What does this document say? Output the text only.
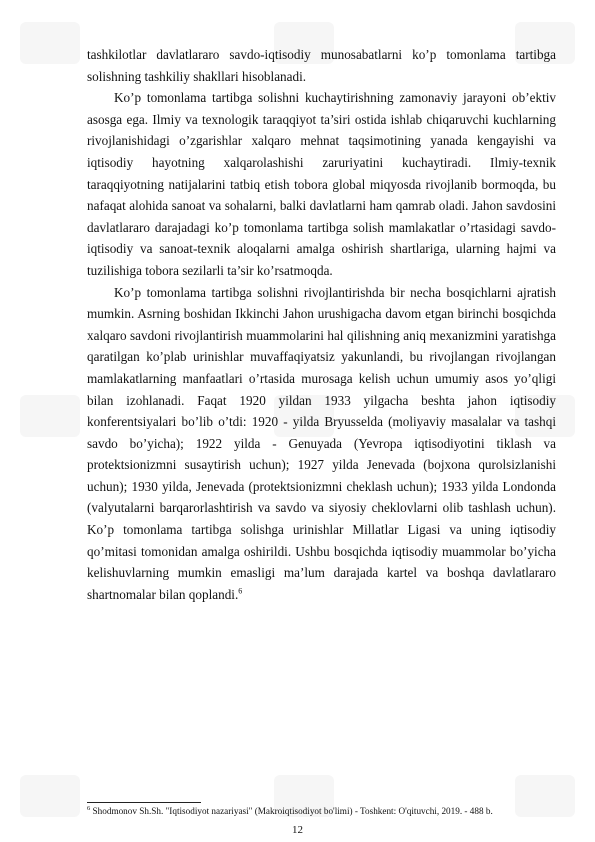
tashkilotlar davlatlararo savdo-iqtisodiy munosabatlarni ko’p tomonlama tartibga solishning tashkiliy shakllari hisoblanadi.

Ko’p tomonlama tartibga solishni kuchaytirishning zamonaviy jarayoni ob’ektiv asosga ega. Ilmiy va texnologik taraqqiyot ta’siri ostida ishlab chiqaruvchi kuchlarning rivojlanishidagi o’zgarishlar xalqaro mehnat taqsimotining yanada kengayishi va iqtisodiy hayotning xalqarolashishi zaruriyatini kuchaytiradi. Ilmiy-texnik taraqqiyotning natijalarini tatbiq etish tobora global miqyosda rivojlanib bormoqda, bu nafaqat alohida sanoat va sohalarni, balki davlatlarni ham qamrab oladi. Jahon savdosini davlatlararo darajadagi ko’p tomonlama tartibga solish mamlakatlar o’rtasidagi savdo-iqtisodiy va sanoat-texnik aloqalarni amalga oshirish shartlariga, ularning hajmi va tuzilishiga tobora sezilarli ta’sir ko’rsatmoqda.

Ko’p tomonlama tartibga solishni rivojlantirishda bir necha bosqichlarni ajratish mumkin. Asrning boshidan Ikkinchi Jahon urushigacha davom etgan birinchi bosqichda xalqaro savdoni rivojlantirish muammolarini hal qilishning aniq mexanizmini yaratishga qaratilgan ko’plab urinishlar muvaffaqiyatsiz yakunlandi, bu rivojlangan rivojlangan mamlakatlarning manfaatlari o’rtasida murosaga kelish uchun umumiy asos yo’qligi bilan izohlanadi. Faqat 1920 yildan 1933 yilgacha beshta jahon iqtisodiy konferentsiyalari bo’lib o’tdi: 1920 - yilda Bryusselda (moliyaviy masalalar va tashqi savdo bo’yicha); 1922 yilda - Genuyada (Yevropa iqtisodiyotini tiklash va protektsionizmni susaytirish uchun); 1927 yilda Jenevada (bojxona qurolsizlanishi uchun); 1930 yilda, Jenevada (protektsionizmni cheklash uchun); 1933 yilda Londonda (valyutalarni barqarorlashtirish va savdo va siyosiy cheklovlarni olib tashlash uchun). Ko’p tomonlama tartibga solishga urinishlar Millatlar Ligasi va uning iqtisodiy qo’mitasi tomonidan amalga oshirildi. Ushbu bosqichda iqtisodiy muammolar bo’yicha kelishuvlarning mumkin emasligi ma’lum darajada kartel va boshqa davlatlararo shartnomalar bilan qoplandi.$^6$

$^6$ Shodmonov Sh.Sh. "Iqtisodiyot nazariyasi" (Makroiqtisodiyot bo'limi) - Toshkent: O'qituvchi, 2019. - 488 b.

12
